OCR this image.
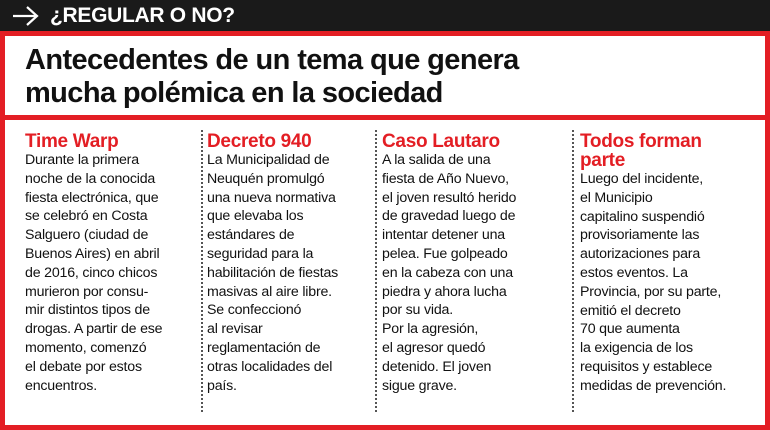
¿REGULAR O NO?
Antecedentes de un tema que genera
mucha polémica en la sociedad
Time Warp

Durante la primera
noche de la conocida
fiesta electrónica, que
se celebró en Costa
Salguero (ciudad de
Buenos Aires) en abril
de 2016, cinco chicos
murieron por consu-
mir distintos tipos de
drogas. A partir de ese
momento, comenzó
el debate por estos
encuentros.

Decreto 940

La Municipalidad de
Neuquén promulgó
una nueva normativa
que elevaba los
estándares de
seguridad para la
habilitación de fiestas
masivas al aire libre.
Se confeccionó
al revisar
reglamentación de
otras localidades del
país.

Caso Lautaro

A la salida de una
fiesta de Año Nuevo,
el joven resultó herido
de gravedad luego de
intentar detener una
pelea. Fue golpeado
en la cabeza con una
piedra y ahora lucha
por su vida.
Por la agresión,
el agresor quedó
detenido. El joven
sigue grave.

Todos forman
parte

Luego del incidente,
el Municipio
capitalino suspendió
provisoriamente las
autorizaciones para
estos eventos. La
Provincia, por su parte,
emitió el decreto
70 que aumenta
la exigencia de los
requisitos y establece
medidas de prevención.
